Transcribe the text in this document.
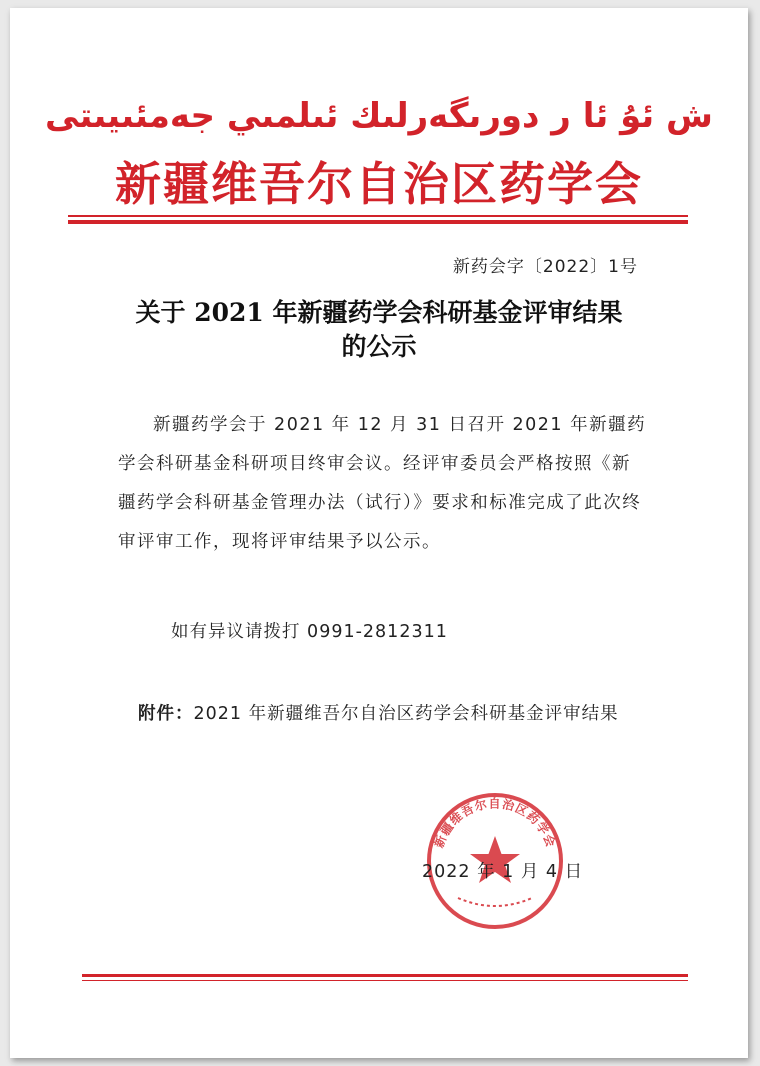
ش ئۇ ئا ر دورىگەرلىك ئىلمىي جەمئىيىتى
新疆维吾尔自治区药学会
新药会字〔2022〕1号
关于 2021 年新疆药学会科研基金评审结果
的公示

新疆药学会于 2021 年 12 月 31 日召开 2021 年新疆药学会科研基金科研项目终审会议。经评审委员会严格按照《新疆药学会科研基金管理办法（试行）》要求和标准完成了此次终审评审工作，现将评审结果予以公示。

如有异议请拨打 0991-2812311
附件：2021 年新疆维吾尔自治区药学会科研基金评审结果
新疆维吾尔自治区药学会
2022 年 1 月 4 日
